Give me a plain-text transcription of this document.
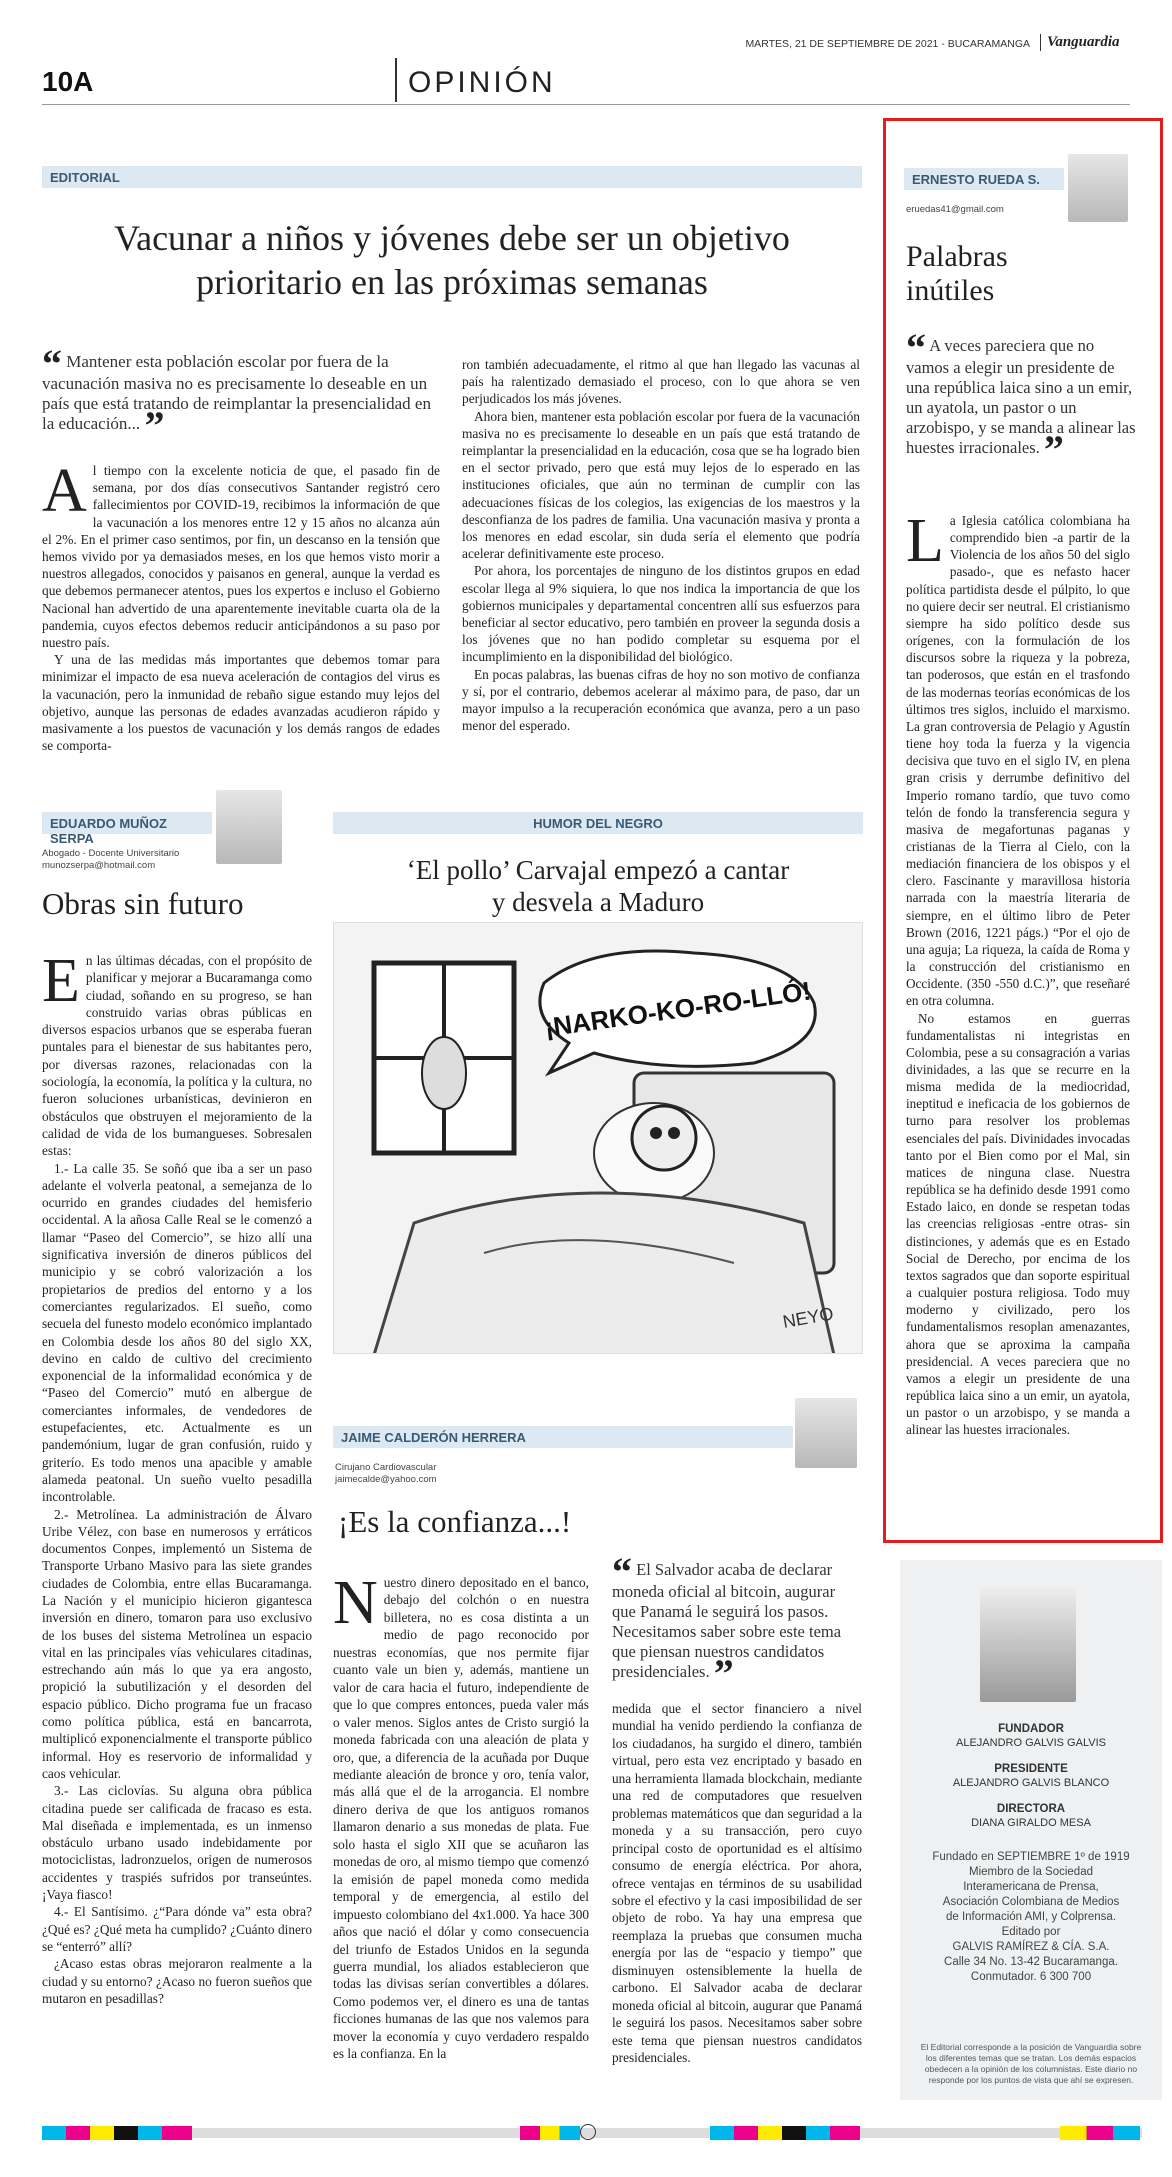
MARTES, 21 DE SEPTIEMBRE DE 2021 - BUCARAMANGA	Vanguardia
10A	OPINIÓN
EDITORIAL
Vacunar a niños y jóvenes debe ser un objetivo
prioritario en las próximas semanas
“ Mantener esta población escolar por fuera de la vacunación masiva no es precisamente lo deseable en un país que está tratando de reimplantar la presencialidad en la educación... ”

Al tiempo con la excelente noticia de que, el pasado fin de semana, por dos días consecutivos Santander registró cero fallecimientos por COVID-19, recibimos la información de que la vacunación a los menores entre 12 y 15 años no alcanza aún el 2%. En el primer caso sentimos, por fin, un descanso en la tensión que hemos vivido por ya demasiados meses, en los que hemos visto morir a nuestros allegados, conocidos y paisanos en general, aunque la verdad es que debemos permanecer atentos, pues los expertos e incluso el Gobierno Nacional han advertido de una aparentemente inevitable cuarta ola de la pandemia, cuyos efectos debemos reducir anticipándonos a su paso por nuestro país.

Y una de las medidas más importantes que debemos tomar para minimizar el impacto de esa nueva aceleración de contagios del virus es la vacunación, pero la inmunidad de rebaño sigue estando muy lejos del objetivo, aunque las personas de edades avanzadas acudieron rápido y masivamente a los puestos de vacunación y los demás rangos de edades se comporta-

ron también adecuadamente, el ritmo al que han llegado las vacunas al país ha ralentizado demasiado el proceso, con lo que ahora se ven perjudicados los más jóvenes.

Ahora bien, mantener esta población escolar por fuera de la vacunación masiva no es precisamente lo deseable en un país que está tratando de reimplantar la presencialidad en la educación, cosa que se ha logrado bien en el sector privado, pero que está muy lejos de lo esperado en las instituciones oficiales, que aún no terminan de cumplir con las adecuaciones físicas de los colegios, las exigencias de los maestros y la desconfianza de los padres de familia. Una vacunación masiva y pronta a los menores en edad escolar, sin duda sería el elemento que podría acelerar definitivamente este proceso.

Por ahora, los porcentajes de ninguno de los distintos grupos en edad escolar llega al 9% siquiera, lo que nos indica la importancia de que los gobiernos municipales y departamental concentren allí sus esfuerzos para beneficiar al sector educativo, pero también en proveer la segunda dosis a los jóvenes que no han podido completar su esquema por el incumplimiento en la disponibilidad del biológico.

En pocas palabras, las buenas cifras de hoy no son motivo de confianza y sí, por el contrario, debemos acelerar al máximo para, de paso, dar un mayor impulso a la recuperación económica que avanza, pero a un paso menor del esperado.

ERNESTO RUEDA S.
eruedas41@gmail.com
Palabras
inútiles
“ A veces pareciera que no vamos a elegir un presidente de una república laica sino a un emir, un ayatola, un pastor o un arzobispo, y se manda a alinear las huestes irracionales. ”

La Iglesia católica colombiana ha comprendido bien -a partir de la Violencia de los años 50 del siglo pasado-, que es nefasto hacer política partidista desde el púlpito, lo que no quiere decir ser neutral. El cristianismo siempre ha sido político desde sus orígenes, con la formulación de los discursos sobre la riqueza y la pobreza, tan poderosos, que están en el trasfondo de las modernas teorías económicas de los últimos tres siglos, incluido el marxismo. La gran controversia de Pelagio y Agustín tiene hoy toda la fuerza y la vigencia decisiva que tuvo en el siglo IV, en plena gran crisis y derrumbe definitivo del Imperio romano tardío, que tuvo como telón de fondo la transferencia segura y masiva de megafortunas paganas y cristianas de la Tierra al Cielo, con la mediación financiera de los obispos y el clero. Fascinante y maravillosa historia narrada con la maestría literaria de siempre, en el último libro de Peter Brown (2016, 1221 págs.) “Por el ojo de una aguja; La riqueza, la caída de Roma y la construcción del cristianismo en Occidente. (350 -550 d.C.)”, que reseñaré en otra columna.

No estamos en guerras fundamentalistas ni integristas en Colombia, pese a su consagración a varias divinidades, a las que se recurre en la misma medida de la mediocridad, ineptitud e ineficacia de los gobiernos de turno para resolver los problemas esenciales del país. Divinidades invocadas tanto por el Bien como por el Mal, sin matices de ninguna clase. Nuestra república se ha definido desde 1991 como Estado laico, en donde se respetan todas las creencias religiosas -entre otras- sin distinciones, y además que es en Estado Social de Derecho, por encima de los textos sagrados que dan soporte espiritual a cualquier postura religiosa. Todo muy moderno y civilizado, pero los fundamentalismos resoplan amenazantes, ahora que se aproxima la campaña presidencial. A veces pareciera que no vamos a elegir un presidente de una república laica sino a un emir, un ayatola, un pastor o un arzobispo, y se manda a alinear las huestes irracionales.

EDUARDO MUÑOZ SERPA
Abogado - Docente Universitario
munozserpa@hotmail.com
Obras sin futuro

En las últimas décadas, con el propósito de planificar y mejorar a Bucaramanga como ciudad, soñando en su progreso, se han construido varias obras públicas en diversos espacios urbanos que se esperaba fueran puntales para el bienestar de sus habitantes pero, por diversas razones, relacionadas con la sociología, la economía, la política y la cultura, no fueron soluciones urbanísticas, devinieron en obstáculos que obstruyen el mejoramiento de la calidad de vida de los bumangueses. Sobresalen estas:

1.- La calle 35. Se soñó que iba a ser un paso adelante el volverla peatonal, a semejanza de lo ocurrido en grandes ciudades del hemisferio occidental. A la añosa Calle Real se le comenzó a llamar “Paseo del Comercio”, se hizo allí una significativa inversión de dineros públicos del municipio y se cobró valorización a los propietarios de predios del entorno y a los comerciantes regularizados. El sueño, como secuela del funesto modelo económico implantado en Colombia desde los años 80 del siglo XX, devino en caldo de cultivo del crecimiento exponencial de la informalidad económica y de “Paseo del Comercio” mutó en albergue de comerciantes informales, de vendedores de estupefacientes, etc. Actualmente es un pandemónium, lugar de gran confusión, ruido y griterío. Es todo menos una apacible y amable alameda peatonal. Un sueño vuelto pesadilla incontrolable.

2.- Metrolínea. La administración de Álvaro Uribe Vélez, con base en numerosos y erráticos documentos Conpes, implementó un Sistema de Transporte Urbano Masivo para las siete grandes ciudades de Colombia, entre ellas Bucaramanga. La Nación y el municipio hicieron gigantesca inversión en dinero, tomaron para uso exclusivo de los buses del sistema Metrolínea un espacio vital en las principales vías vehiculares citadinas, estrechando aún más lo que ya era angosto, propició la subutilización y el desorden del espacio público. Dicho programa fue un fracaso como política pública, está en bancarrota, multiplicó exponencialmente el transporte público informal. Hoy es reservorio de informalidad y caos vehicular.

3.- Las ciclovías. Su alguna obra pública citadina puede ser calificada de fracaso es esta. Mal diseñada e implementada, es un inmenso obstáculo urbano usado indebidamente por motociclistas, ladronzuelos, origen de numerosos accidentes y traspiés sufridos por transeúntes. ¡Vaya fiasco!

4.- El Santísimo. ¿“Para dónde va” esta obra? ¿Qué es? ¿Qué meta ha cumplido? ¿Cuánto dinero se “enterró” allí?

¿Acaso estas obras mejoraron realmente a la ciudad y su entorno? ¿Acaso no fueron sueños que mutaron en pesadillas?

HUMOR DEL NEGRO
‘El pollo’ Carvajal empezó a cantar
y desvela a Maduro
¡NARKO-KO-RO-LLÓ!
NEYO
JAIME CALDERÓN HERRERA
Cirujano Cardiovascular
jaimecalde@yahoo.com
¡Es la confianza...!

Nuestro dinero depositado en el banco, debajo del colchón o en nuestra billetera, no es cosa distinta a un medio de pago reconocido por nuestras economías, que nos permite fijar cuanto vale un bien y, además, mantiene un valor de cara hacia el futuro, independiente de que lo que compres entonces, pueda valer más o valer menos. Siglos antes de Cristo surgió la moneda fabricada con una aleación de plata y oro, que, a diferencia de la acuñada por Duque mediante aleación de bronce y oro, tenía valor, más allá que el de la arrogancia. El nombre dinero deriva de que los antiguos romanos llamaron denario a sus monedas de plata. Fue solo hasta el siglo XII que se acuñaron las monedas de oro, al mismo tiempo que comenzó la emisión de papel moneda como medida temporal y de emergencia, al estilo del impuesto colombiano del 4x1.000. Ya hace 300 años que nació el dólar y como consecuencia del triunfo de Estados Unidos en la segunda guerra mundial, los aliados establecieron que todas las divisas serían convertibles a dólares. Como podemos ver, el dinero es una de tantas ficciones humanas de las que nos valemos para mover la economía y cuyo verdadero respaldo es la confianza. En la

“ El Salvador acaba de declarar moneda oficial al bitcoin, augurar que Panamá le seguirá los pasos. Necesitamos saber sobre este tema que piensan nuestros candidatos presidenciales. ”

medida que el sector financiero a nivel mundial ha venido perdiendo la confianza de los ciudadanos, ha surgido el dinero, también virtual, pero esta vez encriptado y basado en una herramienta llamada blockchain, mediante una red de computadores que resuelven problemas matemáticos que dan seguridad a la moneda y a su transacción, pero cuyo principal costo de oportunidad es el altísimo consumo de energía eléctrica. Por ahora, ofrece ventajas en términos de su usabilidad sobre el efectivo y la casi imposibilidad de ser objeto de robo. Ya hay una empresa que reemplaza la pruebas que consumen mucha energía por las de “espacio y tiempo” que disminuyen ostensiblemente la huella de carbono. El Salvador acaba de declarar moneda oficial al bitcoin, augurar que Panamá le seguirá los pasos. Necesitamos saber sobre este tema que piensan nuestros candidatos presidenciales.

FUNDADOR
ALEJANDRO GALVIS GALVIS
PRESIDENTE
ALEJANDRO GALVIS BLANCO
DIRECTORA
DIANA GIRALDO MESA
Fundado en SEPTIEMBRE 1º de 1919
Miembro de la Sociedad
Interamericana de Prensa,
Asociación Colombiana de Medios
de Información AMI, y Colprensa.
Editado por
GALVIS RAMÍREZ & CÍA. S.A.
Calle 34 No. 13-42 Bucaramanga.
Conmutador. 6 300 700
El Editorial corresponde a la posición de Vanguardia sobre los diferentes temas que se tratan. Los demás espacios obedecen a la opinión de los columnistas. Este diario no responde por los puntos de vista que ahí se expresen.
